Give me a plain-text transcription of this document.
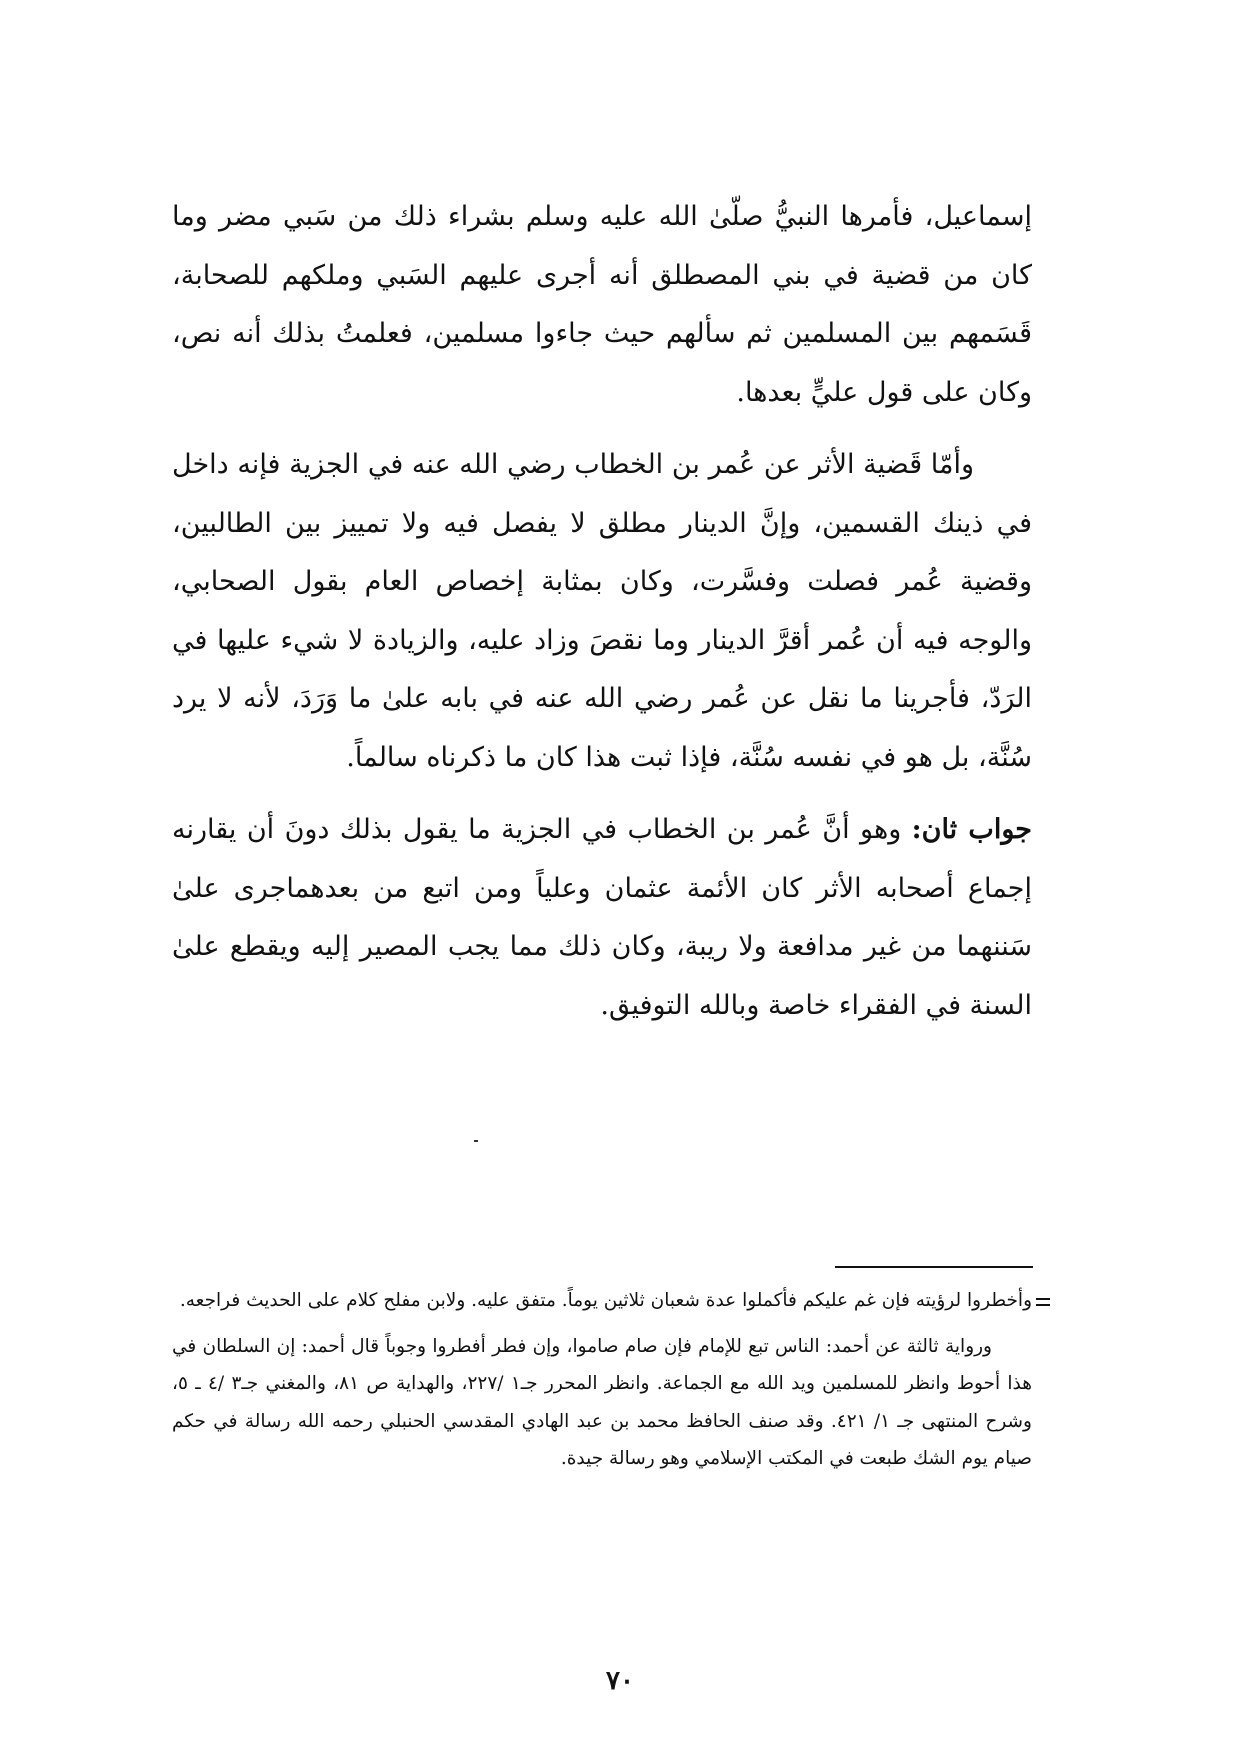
إسماعيل، فأمرها النبيُّ صلّىٰ الله عليه وسلم بشراء ذلك من سَبي مضر وما كان من قضية في بني المصطلق أنه أجرى عليهم السَبي وملكهم للصحابة، قَسَمهم بين المسلمين ثم سألهم حيث جاءوا مسلمين، فعلمتُ بذلك أنه نص، وكان على قول عليٍّ بعدها.

وأمّا قَضية الأثر عن عُمر بن الخطاب رضي الله عنه في الجزية فإنه داخل في ذينك القسمين، وإنَّ الدينار مطلق لا يفصل فيه ولا تمييز بين الطالبين، وقضية عُمر فصلت وفسَّرت، وكان بمثابة إخصاص العام بقول الصحابي، والوجه فيه أن عُمر أقرَّ الدينار وما نقصَ وزاد عليه، والزيادة لا شيء عليها في الرَدّ، فأجرينا ما نقل عن عُمر رضي الله عنه في بابه علىٰ ما وَرَدَ، لأنه لا يرد سُنَّة، بل هو في نفسه سُنَّة، فإذا ثبت هذا كان ما ذكرناه سالماً.

جواب ثان: وهو أنَّ عُمر بن الخطاب في الجزية ما يقول بذلك دونَ أن يقارنه إجماع أصحابه الأثر كان الأئمة عثمان وعلياً ومن اتبع من بعدهماجرى علىٰ سَننهما من غير مدافعة ولا ريبة، وكان ذلك مما يجب المصير إليه ويقطع علىٰ السنة في الفقراء خاصة وبالله التوفيق.

وأخطروا لرؤيته فإن غم عليكم فأكملوا عدة شعبان ثلاثين يوماً. متفق عليه. ولابن مفلح كلام على الحديث فراجعه.

ورواية ثالثة عن أحمد: الناس تبع للإمام فإن صام صاموا، وإن فطر أفطروا وجوباً قال أحمد: إن السلطان في هذا أحوط وانظر للمسلمين ويد الله مع الجماعة. وانظر المحرر جـ١ /٢٢٧، والهداية ص ٨١، والمغني جـ٣ /٤ ـ ٥، وشرح المنتهى جـ ١/ ٤٢١. وقد صنف الحافظ محمد بن عبد الهادي المقدسي الحنبلي رحمه الله رسالة في حكم صيام يوم الشك طبعت في المكتب الإسلامي وهو رسالة جيدة.

٧٠
